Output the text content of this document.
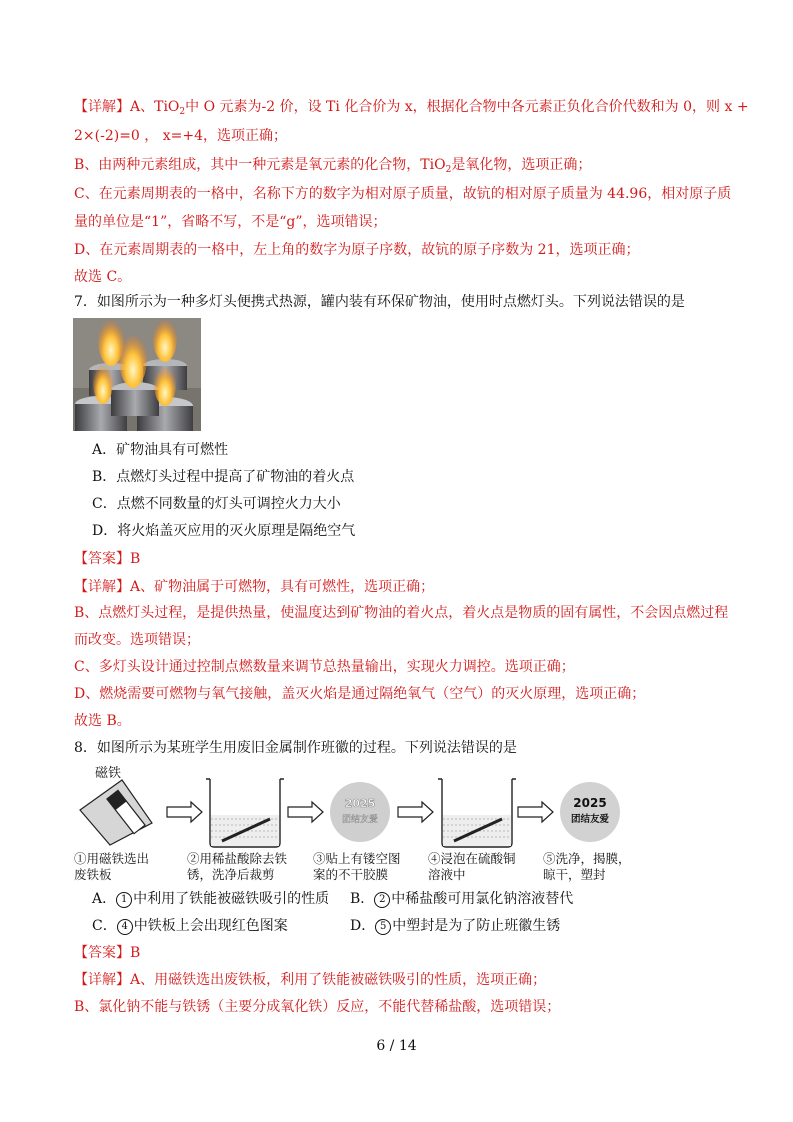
【详解】A、TiO$_2$中 O 元素为-2 价，设 Ti 化合价为 x，根据化合物中各元素正负化合价代数和为 0，则 x +
2×(-2)=0 ， x=+4，选项正确；
B、由两种元素组成，其中一种元素是氧元素的化合物，TiO$_2$是氧化物，选项正确；
C、在元素周期表的一格中，名称下方的数字为相对原子质量，故钪的相对原子质量为 44.96，相对原子质
量的单位是“1”，省略不写，不是“g”，选项错误；
D、在元素周期表的一格中，左上角的数字为原子序数，故钪的原子序数为 21，选项正确；
故选 C。
7．如图所示为一种多灯头便携式热源，罐内装有环保矿物油，使用时点燃灯头。下列说法错误的是
A．矿物油具有可燃性
B．点燃灯头过程中提高了矿物油的着火点
C．点燃不同数量的灯头可调控火力大小
D．将火焰盖灭应用的灭火原理是隔绝空气
【答案】B
【详解】A、矿物油属于可燃物，具有可燃性，选项正确；
B、点燃灯头过程，是提供热量，使温度达到矿物油的着火点，着火点是物质的固有属性，不会因点燃过程
而改变。选项错误；
C、多灯头设计通过控制点燃数量来调节总热量输出，实现火力调控。选项正确；
D、燃烧需要可燃物与氧气接触，盖灭火焰是通过隔绝氧气（空气）的灭火原理，选项正确；
故选 B。
8．如图所示为某班学生用废旧金属制作班徽的过程。下列说法错误的是
磁铁
2025
团结友爱
2025
团结友爱
①用磁铁选出
废铁板
②用稀盐酸除去铁
锈，洗净后裁剪
③贴上有镂空图
案的不干胶膜
④浸泡在硫酸铜
溶液中
⑤洗净，揭膜，
晾干，塑封
A． 1 中利用了铁能被磁铁吸引的性质 B． 2 中稀盐酸可用氯化钠溶液替代
C． 4 中铁板上会出现红色图案	D． 5 中塑封是为了防止班徽生锈
【答案】B
【详解】A、用磁铁选出废铁板，利用了铁能被磁铁吸引的性质，选项正确；
B、氯化钠不能与铁锈（主要分成氧化铁）反应，不能代替稀盐酸，选项错误；
6 / 14
